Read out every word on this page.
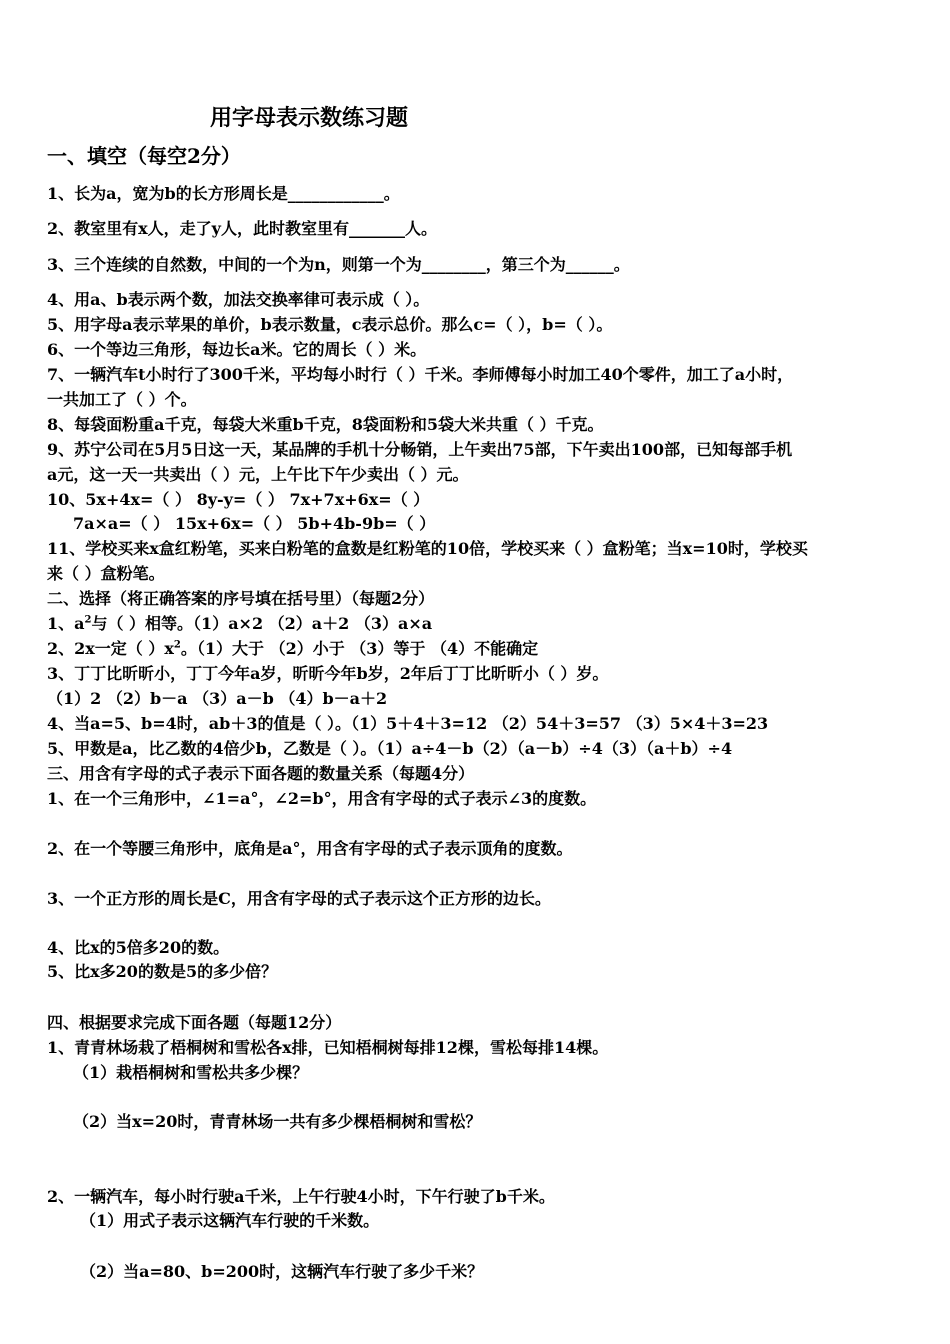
用字母表示数练习题
一、填空（每空2分）
1、长为a，宽为b的长方形周长是____________。
2、教室里有x人，走了y人，此时教室里有_______人。
3、三个连续的自然数，中间的一个为n，则第一个为________，第三个为______。
4、用a、b表示两个数，加法交换率律可表示成（ ）。
5、用字母a表示苹果的单价，b表示数量，c表示总价。那么c=（ ），b=（ ）。
6、一个等边三角形，每边长a米。它的周长（ ）米。
7、一辆汽车t小时行了300千米，平均每小时行（ ）千米。李师傅每小时加工40个零件，加工了a小时，
一共加工了（ ）个。
8、每袋面粉重a千克，每袋大米重b千克，8袋面粉和5袋大米共重（ ）千克。
9、苏宁公司在5月5日这一天，某品牌的手机十分畅销，上午卖出75部，下午卖出100部，已知每部手机
a元，这一天一共卖出（ ）元，上午比下午少卖出（ ）元。
10、5x+4x=（ ） 8y-y=（ ） 7x+7x+6x=（ ）
7a×a=（ ） 15x+6x=（ ） 5b+4b-9b=（ ）
11、学校买来x盒红粉笔，买来白粉笔的盒数是红粉笔的10倍，学校买来（ ）盒粉笔；当x=10时，学校买
来（ ）盒粉笔。
二、选择（将正确答案的序号填在括号里）（每题2分）
1、$a^2$与（ ）相等。（1）a×2 （2）a＋2 （3）a×a
2、2x一定（ ）$x^2$。（1）大于 （2）小于 （3）等于 （4）不能确定
3、丁丁比昕昕小，丁丁今年a岁，昕昕今年b岁，2年后丁丁比昕昕小（ ）岁。
（1）2 （2）b－a （3）a－b （4）b－a＋2
4、当a=5、b=4时，ab＋3的值是（ ）。（1）5＋4＋3=12 （2）54＋3=57 （3）5×4＋3=23
5、甲数是a，比乙数的4倍少b，乙数是（ ）。（1）a÷4－b（2）（a－b）÷4（3）（a＋b）÷4
三、用含有字母的式子表示下面各题的数量关系（每题4分）
1、在一个三角形中，∠1=a°，∠2=b°，用含有字母的式子表示∠3的度数。
2、在一个等腰三角形中，底角是a°，用含有字母的式子表示顶角的度数。
3、一个正方形的周长是C，用含有字母的式子表示这个正方形的边长。
4、比x的5倍多20的数。
5、比x多20的数是5的多少倍？
四、根据要求完成下面各题（每题12分）
1、青青林场栽了梧桐树和雪松各x排，已知梧桐树每排12棵，雪松每排14棵。
（1）栽梧桐树和雪松共多少棵？
（2）当x=20时，青青林场一共有多少棵梧桐树和雪松？
2、一辆汽车，每小时行驶a千米，上午行驶4小时，下午行驶了b千米。
（1）用式子表示这辆汽车行驶的千米数。
（2）当a=80、b=200时，这辆汽车行驶了多少千米？
